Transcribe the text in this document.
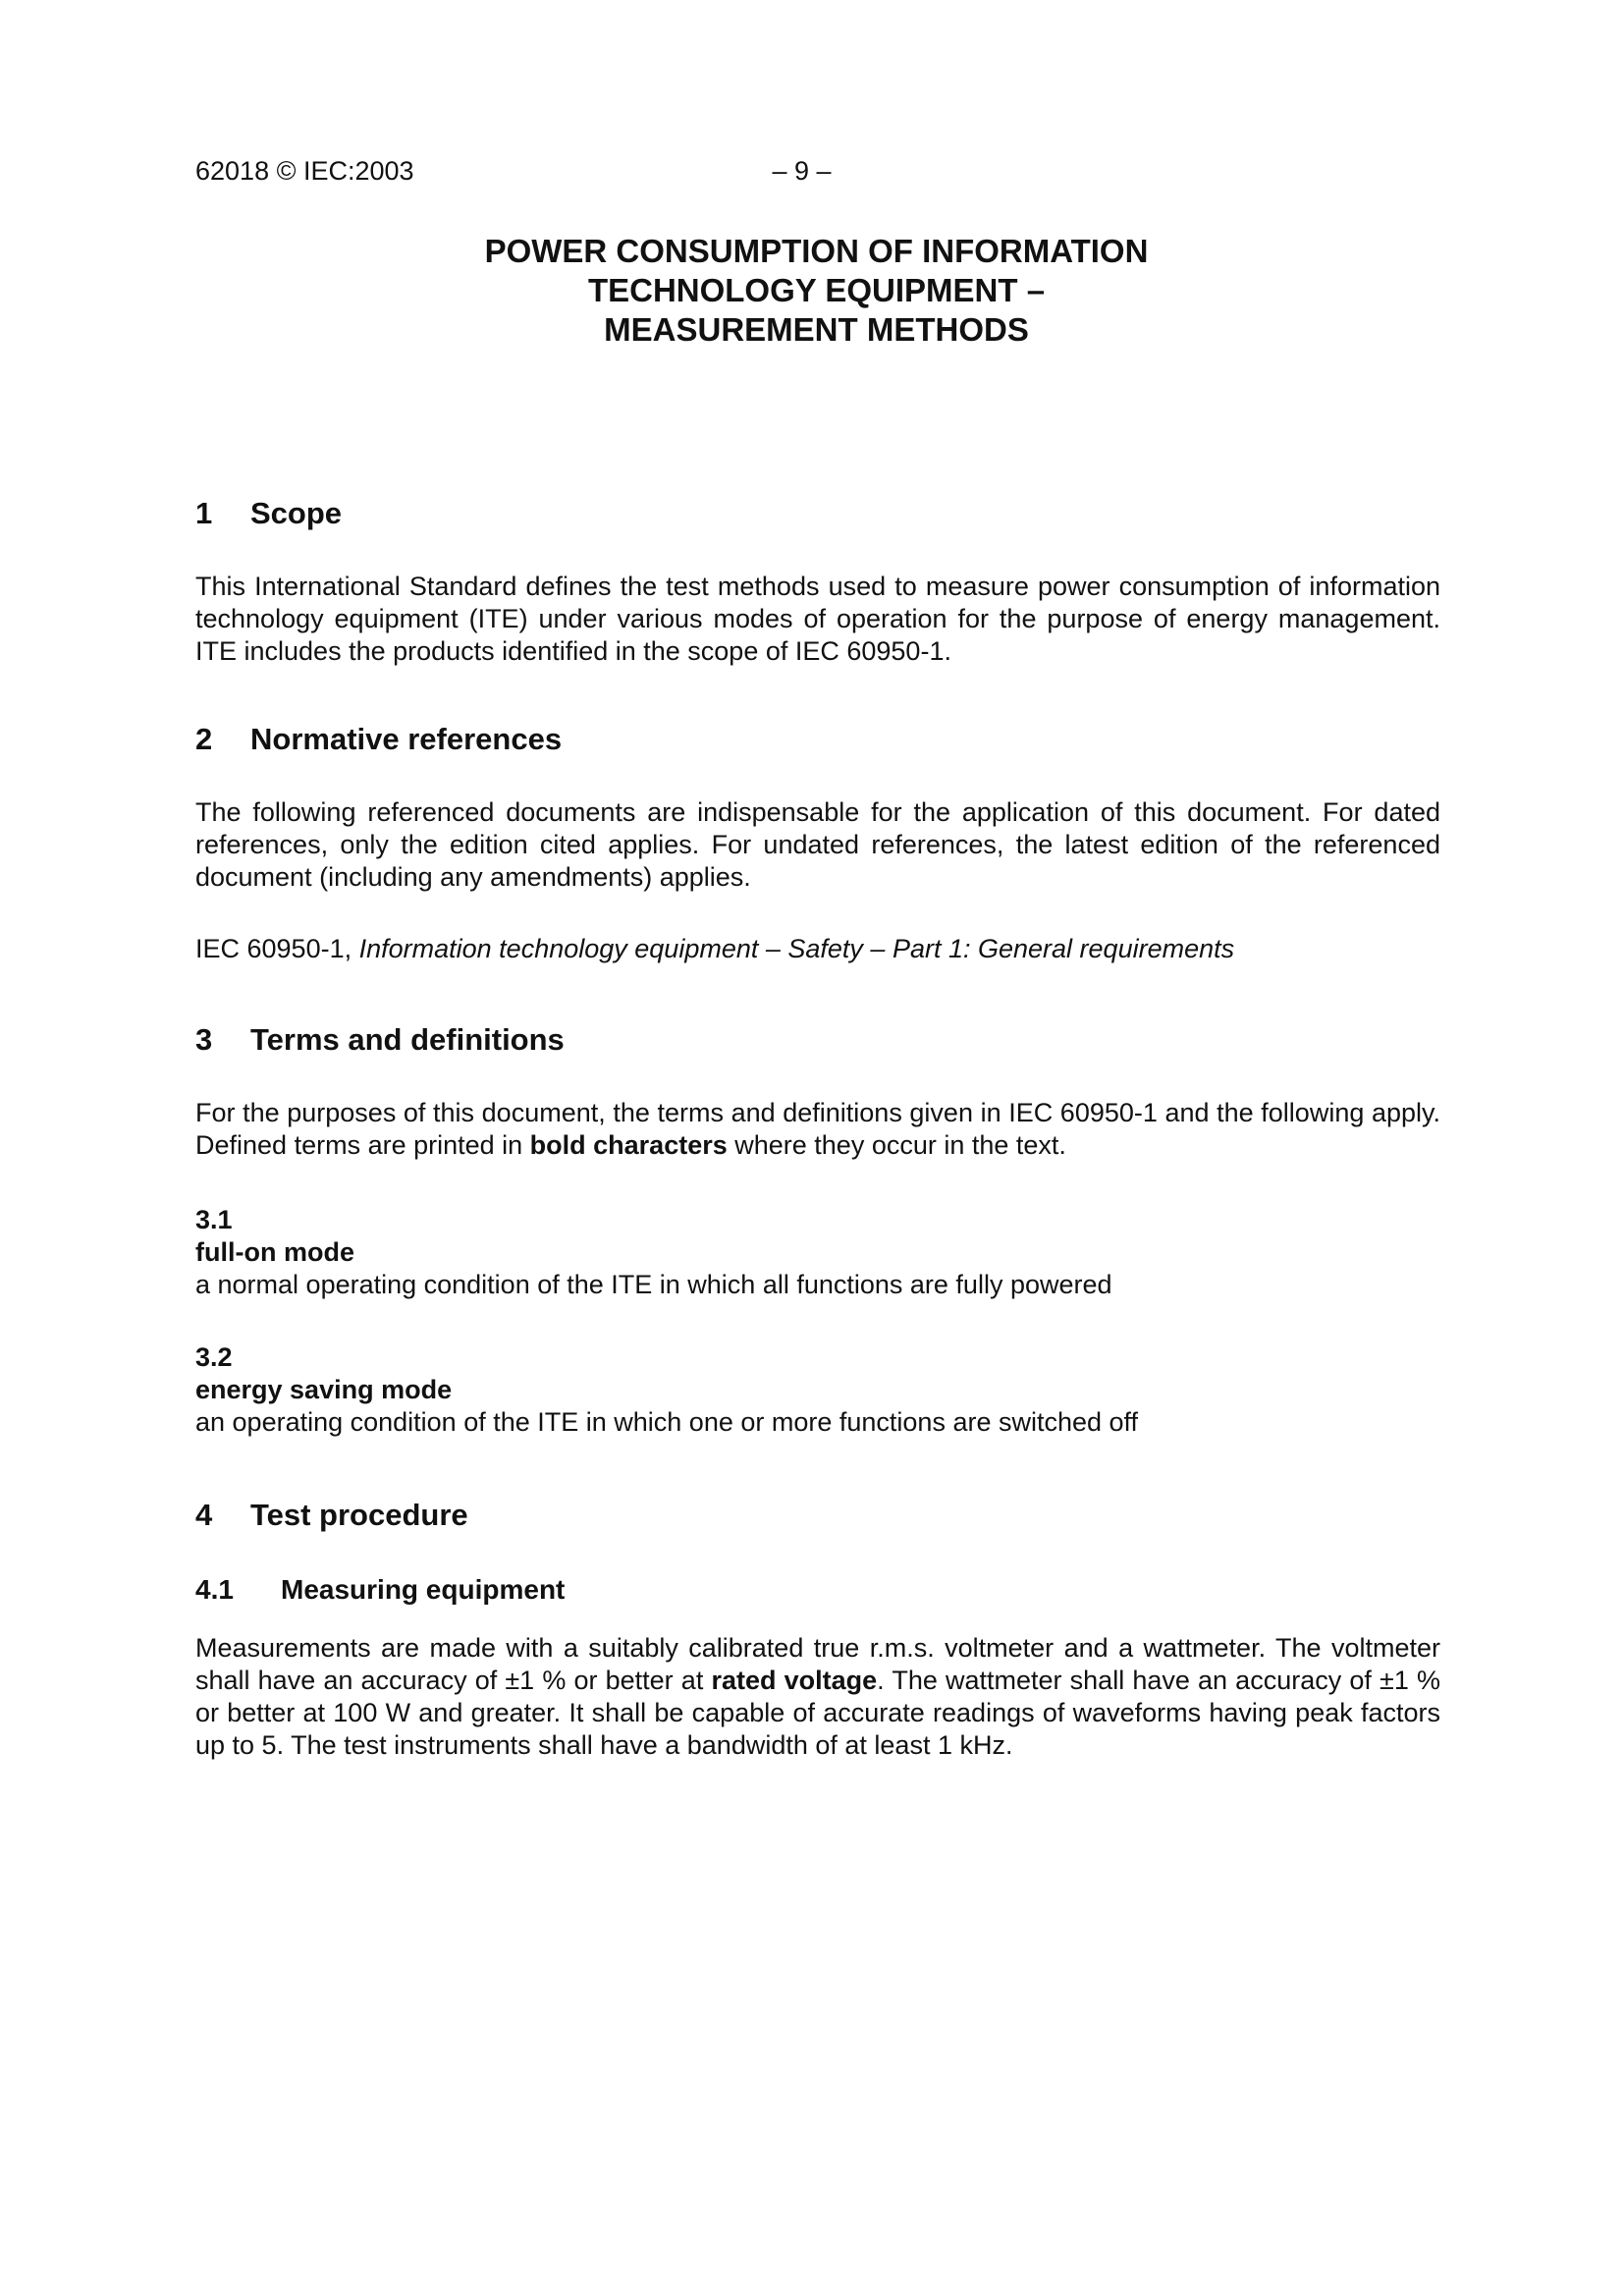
62018 © IEC:2003	– 9 –
POWER CONSUMPTION OF INFORMATION
TECHNOLOGY EQUIPMENT –
MEASUREMENT METHODS
1	Scope

This International Standard defines the test methods used to measure power consumption of information technology equipment (ITE) under various modes of operation for the purpose of energy management. ITE includes the products identified in the scope of IEC 60950-1.

2	Normative references

The following referenced documents are indispensable for the application of this document. For dated references, only the edition cited applies. For undated references, the latest edition of the referenced document (including any amendments) applies.

IEC 60950-1, Information technology equipment – Safety – Part 1: General requirements

3	Terms and definitions

For the purposes of this document, the terms and definitions given in IEC 60950-1 and the following apply. Defined terms are printed in bold characters where they occur in the text.

3.1
full-on mode
a normal operating condition of the ITE in which all functions are fully powered
3.2
energy saving mode
an operating condition of the ITE in which one or more functions are switched off
4	Test procedure
4.1	Measuring equipment

Measurements are made with a suitably calibrated true r.m.s. voltmeter and a wattmeter. The voltmeter shall have an accuracy of ±1 % or better at rated voltage. The wattmeter shall have an accuracy of ±1 % or better at 100 W and greater. It shall be capable of accurate readings of waveforms having peak factors up to 5. The test instruments shall have a bandwidth of at least 1 kHz.
